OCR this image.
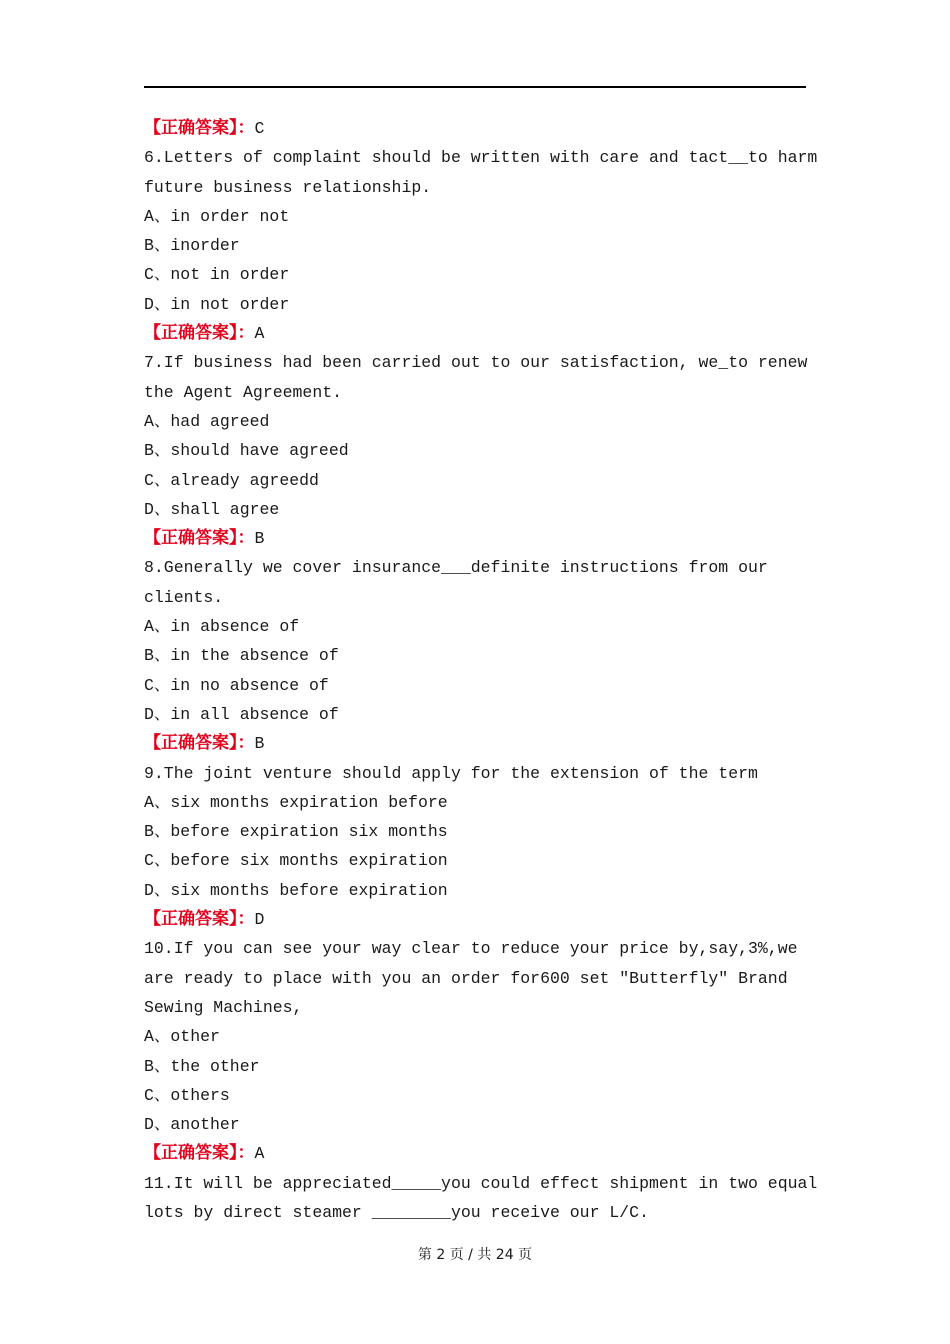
【正确答案】：C
6.Letters of complaint should be written with care and tact__to harm
future business relationship.
A、in order not
B、inorder
C、not in order
D、in not order
【正确答案】：A
7.If business had been carried out to our satisfaction, we_to renew
the Agent Agreement.
A、had agreed
B、should have agreed
C、already agreedd
D、shall agree
【正确答案】：B
8.Generally we cover insurance___definite instructions from our
clients.
A、in absence of
B、in the absence of
C、in no absence of
D、in all absence of
【正确答案】：B
9.The joint venture should apply for the extension of the term
A、six months expiration before
B、before expiration six months
C、before six months expiration
D、six months before expiration
【正确答案】：D
10.If you can see your way clear to reduce your price by,say,3%,we
are ready to place with you an order for600 set "Butterfly" Brand
Sewing Machines,
A、other
B、the other
C、others
D、another
【正确答案】：A
11.It will be appreciated_____you could effect shipment in two equal
lots by direct steamer ________you receive our L/C.
第 2 页 / 共 24 页
